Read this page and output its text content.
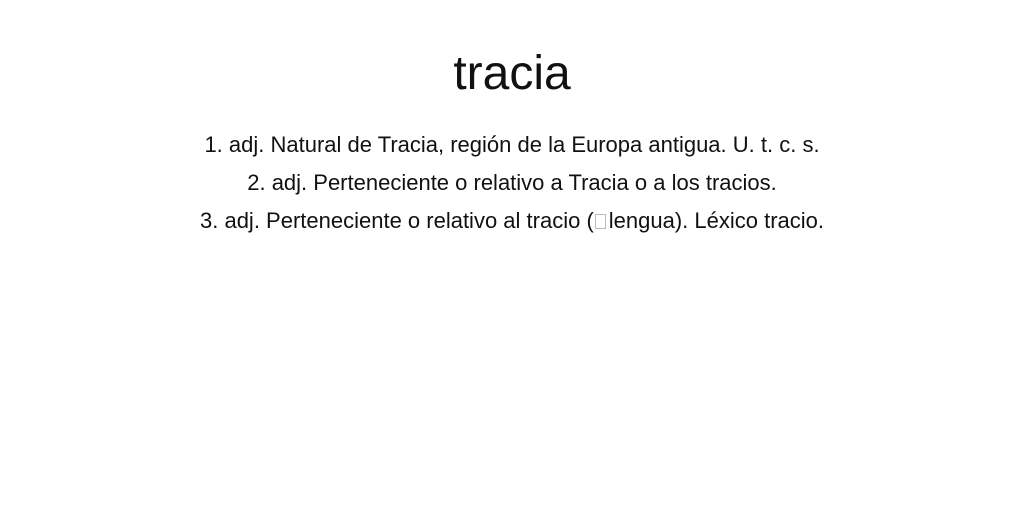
tracia
1. adj. Natural de Tracia, región de la Europa antigua. U. t. c. s.
2. adj. Perteneciente o relativo a Tracia o a los tracios.
3. adj. Perteneciente o relativo al tracio ( lengua). Léxico tracio.
